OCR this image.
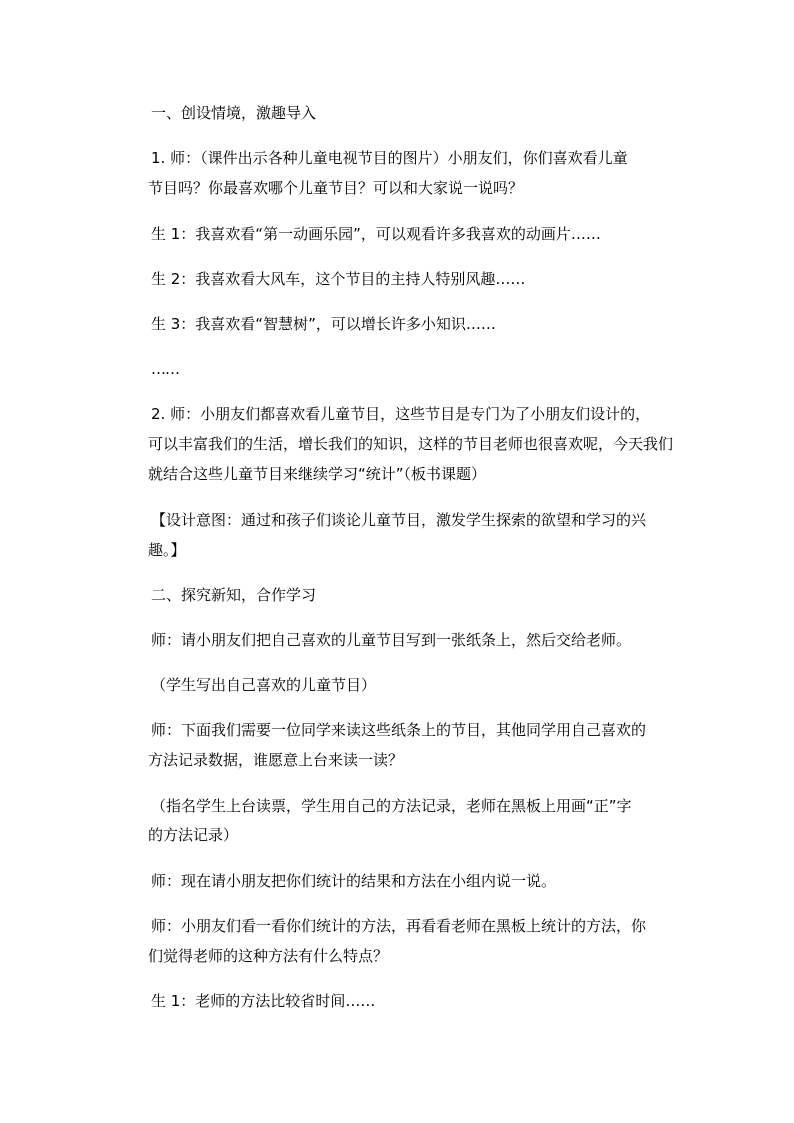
一、创设情境，激趣导入
1. 师：（课件出示各种儿童电视节目的图片）小朋友们，你们喜欢看儿童
节目吗？你最喜欢哪个儿童节目？可以和大家说一说吗？
生 1：我喜欢看“第一动画乐园”，可以观看许多我喜欢的动画片……
生 2：我喜欢看大风车，这个节目的主持人特别风趣……
生 3：我喜欢看“智慧树”，可以增长许多小知识……
……
2. 师：小朋友们都喜欢看儿童节目，这些节目是专门为了小朋友们设计的，
可以丰富我们的生活，增长我们的知识，这样的节目老师也很喜欢呢，今天我们
就结合这些儿童节目来继续学习“统计”（板书课题）
【设计意图：通过和孩子们谈论儿童节目，激发学生探索的欲望和学习的兴
趣。】
二、探究新知，合作学习
师：请小朋友们把自己喜欢的儿童节目写到一张纸条上，然后交给老师。
（学生写出自己喜欢的儿童节目）
师：下面我们需要一位同学来读这些纸条上的节目，其他同学用自己喜欢的
方法记录数据，谁愿意上台来读一读？
（指名学生上台读票，学生用自己的方法记录，老师在黑板上用画“正”字
的方法记录）
师：现在请小朋友把你们统计的结果和方法在小组内说一说。
师：小朋友们看一看你们统计的方法，再看看老师在黑板上统计的方法，你
们觉得老师的这种方法有什么特点？
生 1：老师的方法比较省时间……
